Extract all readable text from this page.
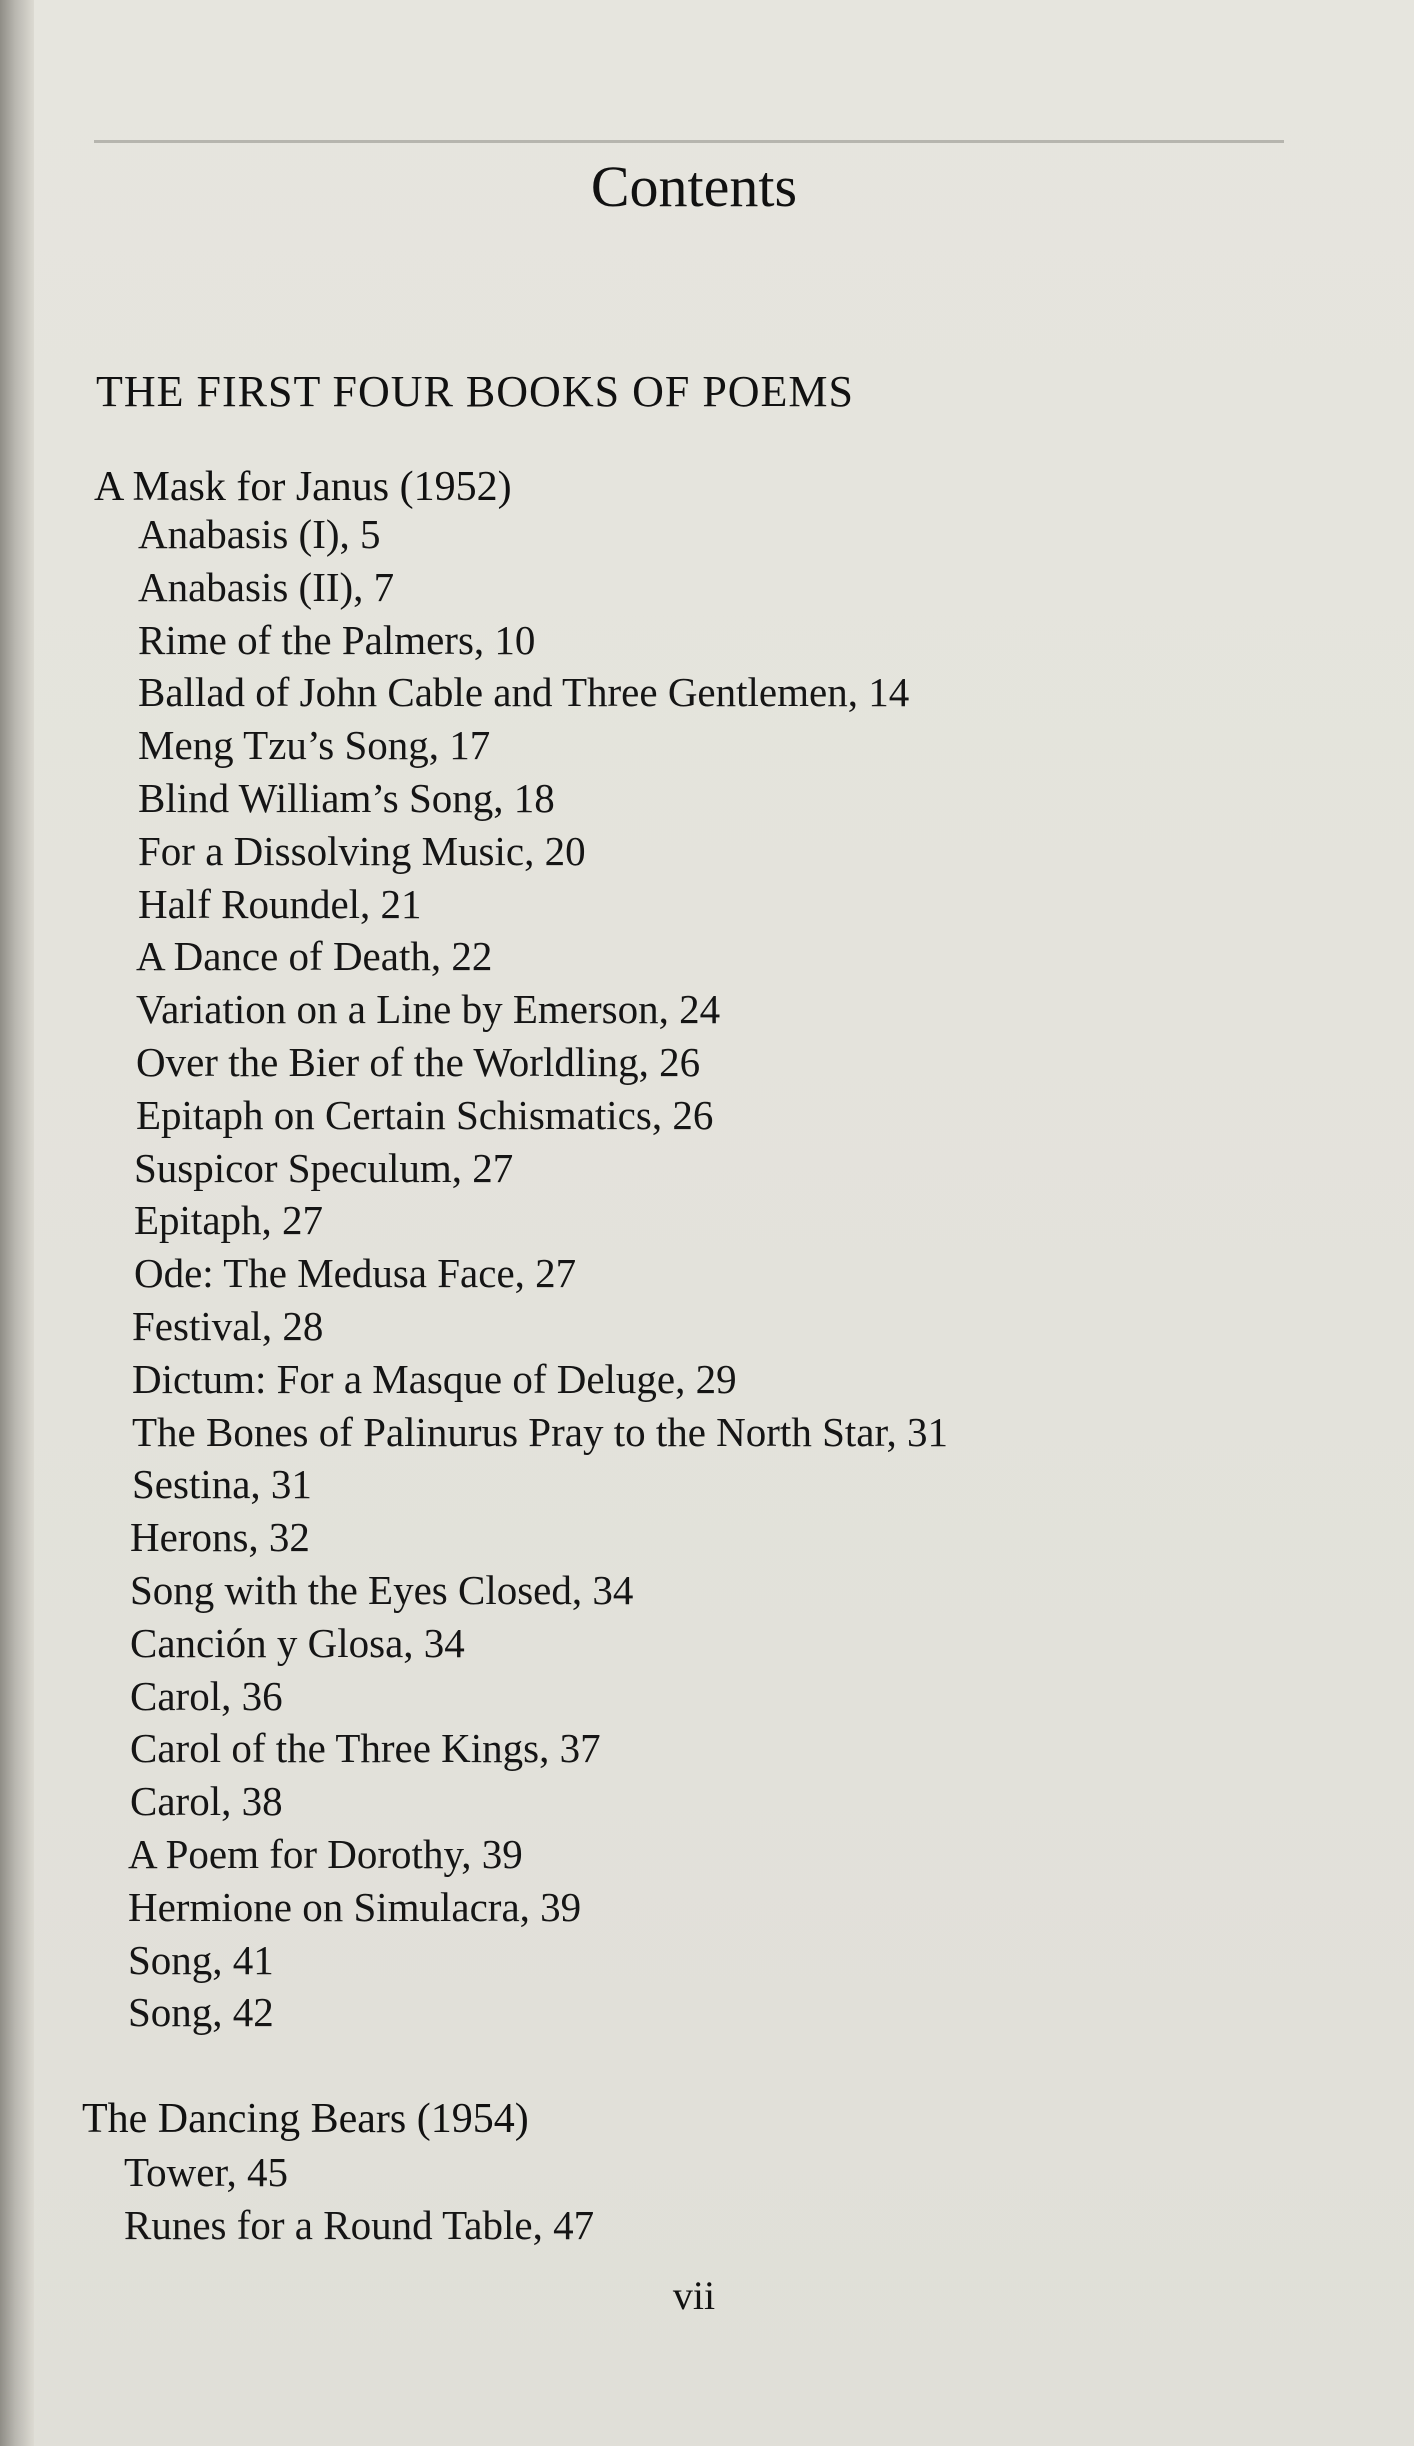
Contents
THE FIRST FOUR BOOKS OF POEMS
A Mask for Janus (1952)
Anabasis (I), 5
Anabasis (II), 7
Rime of the Palmers, 10
Ballad of John Cable and Three Gentlemen, 14
Meng Tzu’s Song, 17
Blind William’s Song, 18
For a Dissolving Music, 20
Half Roundel, 21
A Dance of Death, 22
Variation on a Line by Emerson, 24
Over the Bier of the Worldling, 26
Epitaph on Certain Schismatics, 26
Suspicor Speculum, 27
Epitaph, 27
Ode: The Medusa Face, 27
Festival, 28
Dictum: For a Masque of Deluge, 29
The Bones of Palinurus Pray to the North Star, 31
Sestina, 31
Herons, 32
Song with the Eyes Closed, 34
Canción y Glosa, 34
Carol, 36
Carol of the Three Kings, 37
Carol, 38
A Poem for Dorothy, 39
Hermione on Simulacra, 39
Song, 41
Song, 42
The Dancing Bears (1954)
Tower, 45
Runes for a Round Table, 47
vii
